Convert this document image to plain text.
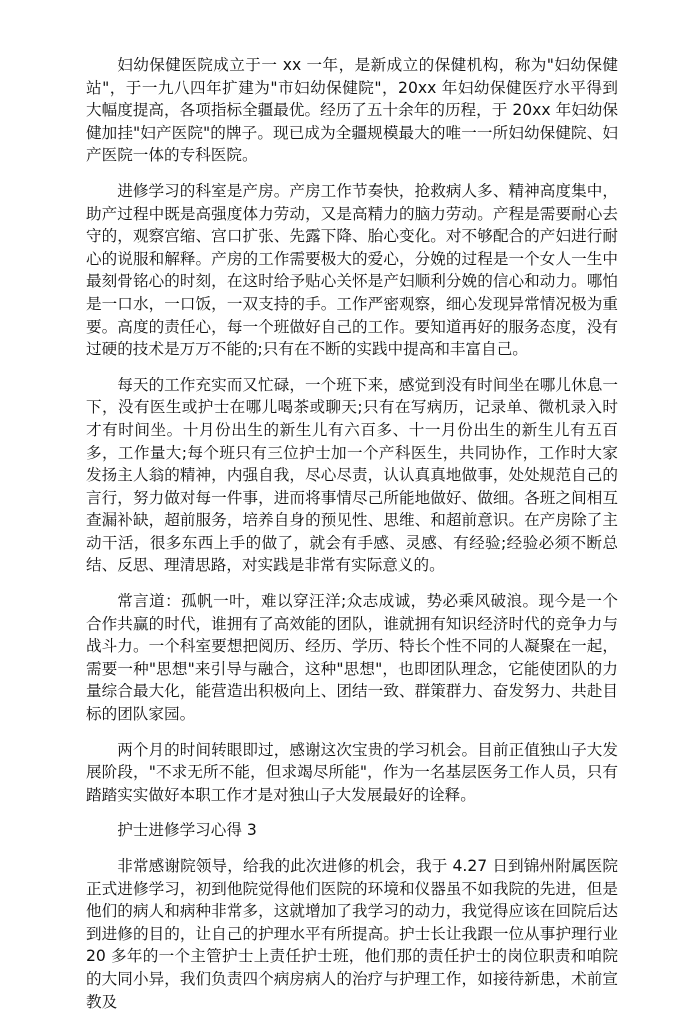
妇幼保健医院成立于一 xx 一年，是新成立的保健机构，称为"妇幼保健站"，于一九八四年扩建为"市妇幼保健院"，20xx 年妇幼保健医疗水平得到大幅度提高，各项指标全疆最优。经历了五十余年的历程，于 20xx 年妇幼保健加挂"妇产医院"的牌子。现已成为全疆规模最大的唯一一所妇幼保健院、妇产医院一体的专科医院。

进修学习的科室是产房。产房工作节奏快，抢救病人多、精神高度集中，助产过程中既是高强度体力劳动，又是高精力的脑力劳动。产程是需要耐心去守的，观察宫缩、宫口扩张、先露下降、胎心变化。对不够配合的产妇进行耐心的说服和解释。产房的工作需要极大的爱心，分娩的过程是一个女人一生中最刻骨铭心的时刻，在这时给予贴心关怀是产妇顺利分娩的信心和动力。哪怕是一口水，一口饭，一双支持的手。工作严密观察，细心发现异常情况极为重要。高度的责任心，每一个班做好自己的工作。要知道再好的服务态度，没有过硬的技术是万万不能的;只有在不断的实践中提高和丰富自己。

每天的工作充实而又忙碌，一个班下来，感觉到没有时间坐在哪儿休息一下，没有医生或护士在哪儿喝茶或聊天;只有在写病历，记录单、微机录入时才有时间坐。十月份出生的新生儿有六百多、十一月份出生的新生儿有五百多，工作量大;每个班只有三位护士加一个产科医生，共同协作，工作时大家发扬主人翁的精神，内强自我，尽心尽责，认认真真地做事，处处规范自己的言行，努力做对每一件事，进而将事情尽己所能地做好、做细。各班之间相互查漏补缺，超前服务，培养自身的预见性、思维、和超前意识。在产房除了主动干活，很多东西上手的做了，就会有手感、灵感、有经验;经验必须不断总结、反思、理清思路，对实践是非常有实际意义的。

常言道：孤帆一叶，难以穿汪洋;众志成诚，势必乘风破浪。现今是一个合作共赢的时代，谁拥有了高效能的团队，谁就拥有知识经济时代的竞争力与战斗力。一个科室要想把阅历、经历、学历、特长个性不同的人凝聚在一起，需要一种"思想"来引导与融合，这种"思想"，也即团队理念，它能使团队的力量综合最大化，能营造出积极向上、团结一致、群策群力、奋发努力、共赴目标的团队家园。

两个月的时间转眼即过，感谢这次宝贵的学习机会。目前正值独山子大发展阶段，"不求无所不能，但求竭尽所能"，作为一名基层医务工作人员，只有踏踏实实做好本职工作才是对独山子大发展最好的诠释。

护士进修学习心得 3

非常感谢院领导，给我的此次进修的机会，我于 4.27 日到锦州附属医院正式进修学习，初到他院觉得他们医院的环境和仪器虽不如我院的先进，但是他们的病人和病种非常多，这就增加了我学习的动力，我觉得应该在回院后达到进修的目的，让自己的护理水平有所提高。护士长让我跟一位从事护理行业 20 多年的一个主管护士上责任护士班，他们那的责任护士的岗位职责和咱院的大同小异，我们负责四个病房病人的治疗与护理工作，如接待新患，术前宣教及
